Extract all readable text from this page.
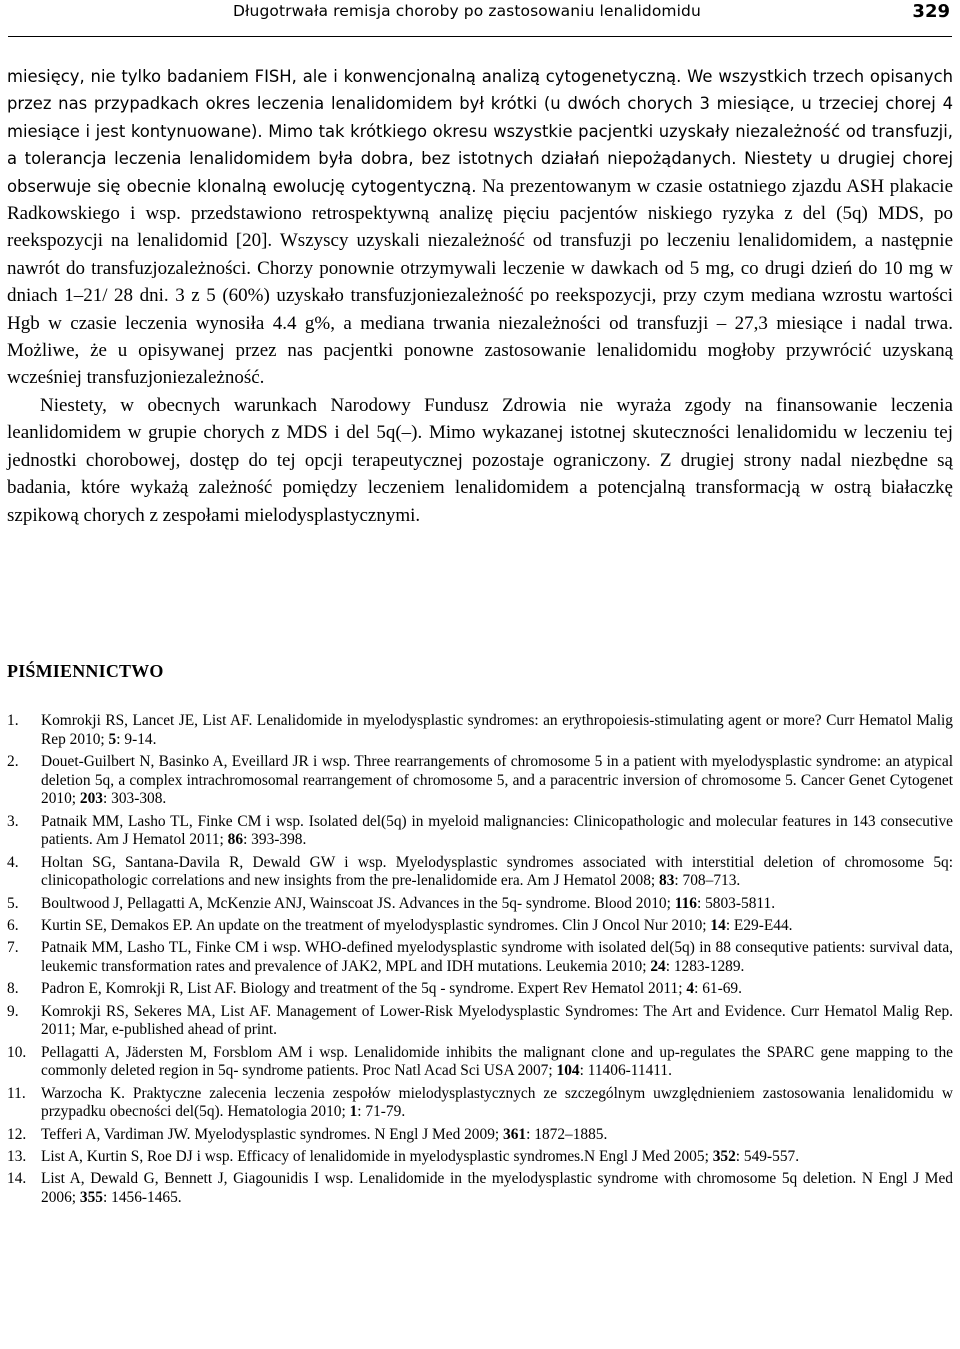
Długotrwała remisja choroby po zastosowaniu lenalidomidu	329

miesięcy, nie tylko badaniem FISH, ale i konwencjonalną analizą cytogenetyczną. We wszystkich trzech opisanych przez nas przypadkach okres leczenia lenalidomidem był krótki (u dwóch chorych 3 miesiące, u trzeciej chorej 4 miesiące i jest kontynuowane). Mimo tak krótkiego okresu wszystkie pacjentki uzyskały niezależność od transfuzji, a tolerancja leczenia lenalidomidem była dobra, bez istotnych działań niepożądanych. Niestety u drugiej chorej obserwuje się obecnie klonalną ewolucję cytogentyczną. Na prezentowanym w czasie ostatniego zjazdu ASH plakacie Radkowskiego i wsp. przedstawiono retrospektywną analizę pięciu pacjentów niskiego ryzyka z del (5q) MDS, po reekspozycji na lenalidomid [20]. Wszyscy uzyskali niezależność od transfuzji po leczeniu lenalidomidem, a następnie nawrót do transfuzjozależności. Chorzy ponownie otrzymywali leczenie w dawkach od 5 mg, co drugi dzień do 10 mg w dniach 1–21/ 28 dni. 3 z 5 (60%) uzyskało transfuzjoniezależność po reekspozycji, przy czym mediana wzrostu wartości Hgb w czasie leczenia wynosiła 4.4 g%, a mediana trwania niezależności od transfuzji – 27,3 miesiące i nadal trwa. Możliwe, że u opisywanej przez nas pacjentki ponowne zastosowanie lenalidomidu mogłoby przywrócić uzyskaną wcześniej transfuzjoniezależność.

Niestety, w obecnych warunkach Narodowy Fundusz Zdrowia nie wyraża zgody na finansowanie leczenia leanlidomidem w grupie chorych z MDS i del 5q(–). Mimo wykazanej istotnej skuteczności lenalidomidu w leczeniu tej jednostki chorobowej, dostęp do tej opcji terapeutycznej pozostaje ograniczony. Z drugiej strony nadal niezbędne są badania, które wykażą zależność pomiędzy leczeniem lenalidomidem a potencjalną transformacją w ostrą białaczkę szpikową chorych z zespołami mielodysplastycznymi.

PIŚMIENNICTWO
1.	Komrokji RS, Lancet JE, List AF. Lenalidomide in myelodysplastic syndromes: an erythropoiesis-stimulating agent or more? Curr Hematol Malig Rep 2010; 5: 9-14.
2.	Douet-Guilbert N, Basinko A, Eveillard JR i wsp. Three rearrangements of chromosome 5 in a patient with myelodysplastic syndrome: an atypical deletion 5q, a complex intrachromosomal rearrangement of chromosome 5, and a paracentric inversion of chromosome 5. Cancer Genet Cytogenet 2010; 203: 303-308.
3.	Patnaik MM, Lasho TL, Finke CM i wsp. Isolated del(5q) in myeloid malignancies: Clinicopathologic and molecular features in 143 consecutive patients. Am J Hematol 2011; 86: 393-398.
4.	Holtan SG, Santana-Davila R, Dewald GW i wsp. Myelodysplastic syndromes associated with interstitial deletion of chromosome 5q: clinicopathologic correlations and new insights from the pre-lenalidomide era. Am J Hematol 2008; 83: 708–713.
5.	Boultwood J, Pellagatti A, McKenzie ANJ, Wainscoat JS. Advances in the 5q- syndrome. Blood 2010; 116: 5803-5811.
6.	Kurtin SE, Demakos EP. An update on the treatment of myelodysplastic syndromes. Clin J Oncol Nur 2010; 14: E29-E44.
7.	Patnaik MM, Lasho TL, Finke CM i wsp. WHO-defined myelodysplastic syndrome with isolated del(5q) in 88 consequtive patients: survival data, leukemic transformation rates and prevalence of JAK2, MPL and IDH mutations. Leukemia 2010; 24: 1283-1289.
8.	Padron E, Komrokji R, List AF. Biology and treatment of the 5q - syndrome. Expert Rev Hematol 2011; 4: 61-69.
9.	Komrokji RS, Sekeres MA, List AF. Management of Lower-Risk Myelodysplastic Syndromes: The Art and Evidence. Curr Hematol Malig Rep. 2011; Mar, e-published ahead of print.
10. Pellagatti A, Jädersten M, Forsblom AM i wsp. Lenalidomide inhibits the malignant clone and up-regulates the SPARC gene mapping to the commonly deleted region in 5q- syndrome patients. Proc Natl Acad Sci USA 2007; 104: 11406-11411.
11. Warzocha K. Praktyczne zalecenia leczenia zespołów mielodysplastycznych ze szczególnym uwzględnieniem zastosowania lenalidomidu w przypadku obecności del(5q). Hematologia 2010; 1: 71-79.
12. Tefferi A, Vardiman JW. Myelodysplastic syndromes. N Engl J Med 2009; 361: 1872–1885.
13. List A, Kurtin S, Roe DJ i wsp. Efficacy of lenalidomide in myelodysplastic syndromes.N Engl J Med 2005; 352: 549-557.
14. List A, Dewald G, Bennett J, Giagounidis I wsp. Lenalidomide in the myelodysplastic syndrome with chromosome 5q deletion. N Engl J Med 2006; 355: 1456-1465.
